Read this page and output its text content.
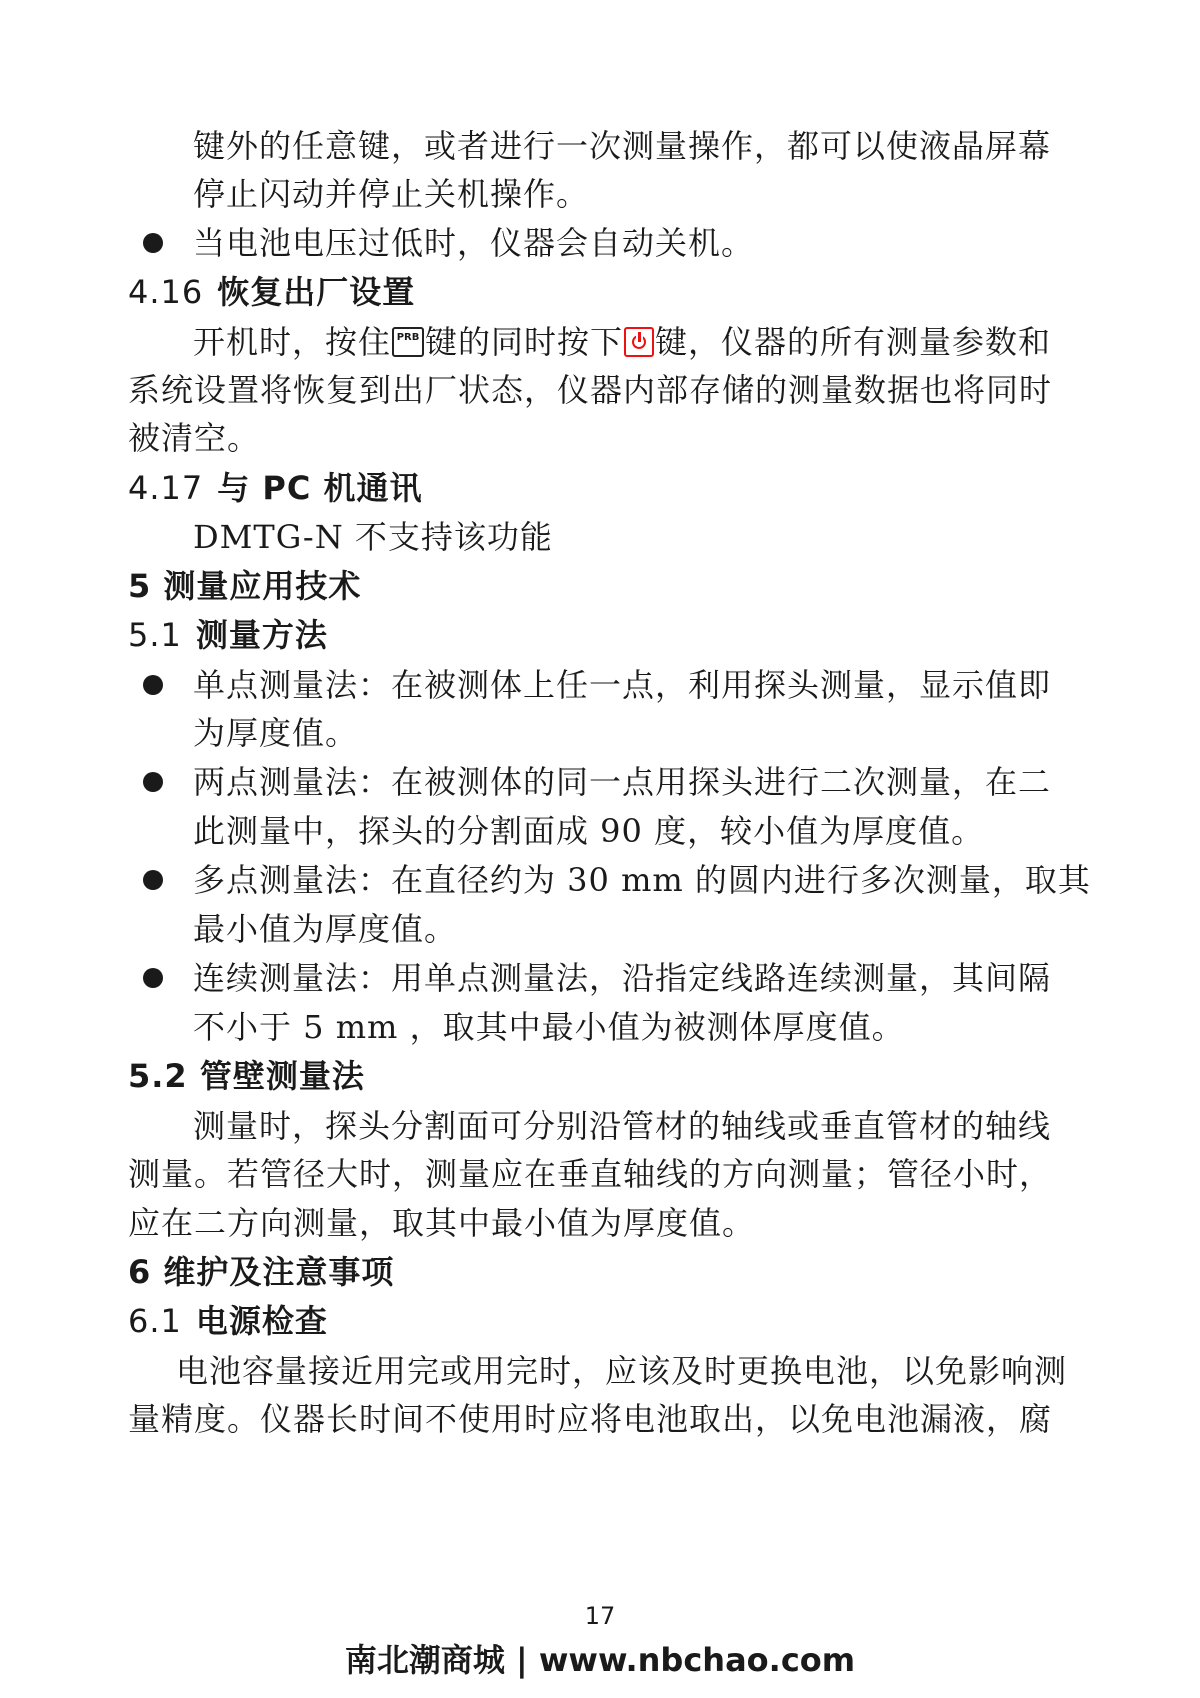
键外的任意键，或者进行一次测量操作，都可以使液晶屏幕
停止闪动并停止关机操作。
当电池电压过低时，仪器会自动关机。
4.16 恢复出厂设置
开机时，按住 PRB 键的同时按下 键，仪器的所有测量参数和
系统设置将恢复到出厂状态，仪器内部存储的测量数据也将同时
被清空。
4.17 与 PC 机通讯
DMTG-N 不支持该功能
5 测量应用技术
5.1 测量方法
单点测量法：在被测体上任一点，利用探头测量，显示值即
为厚度值。
两点测量法：在被测体的同一点用探头进行二次测量，在二
此测量中，探头的分割面成 90 度，较小值为厚度值。
多点测量法：在直径约为 30 mm 的圆内进行多次测量，取其
最小值为厚度值。
连续测量法：用单点测量法，沿指定线路连续测量，其间隔
不小于 5 mm ，取其中最小值为被测体厚度值。
5.2 管壁测量法
测量时，探头分割面可分别沿管材的轴线或垂直管材的轴线
测量。若管径大时，测量应在垂直轴线的方向测量；管径小时，
应在二方向测量，取其中最小值为厚度值。
6 维护及注意事项
6.1 电源检查
电池容量接近用完或用完时，应该及时更换电池，以免影响测
量精度。仪器长时间不使用时应将电池取出，以免电池漏液，腐
17
南北潮商城 | www.nbchao.com
